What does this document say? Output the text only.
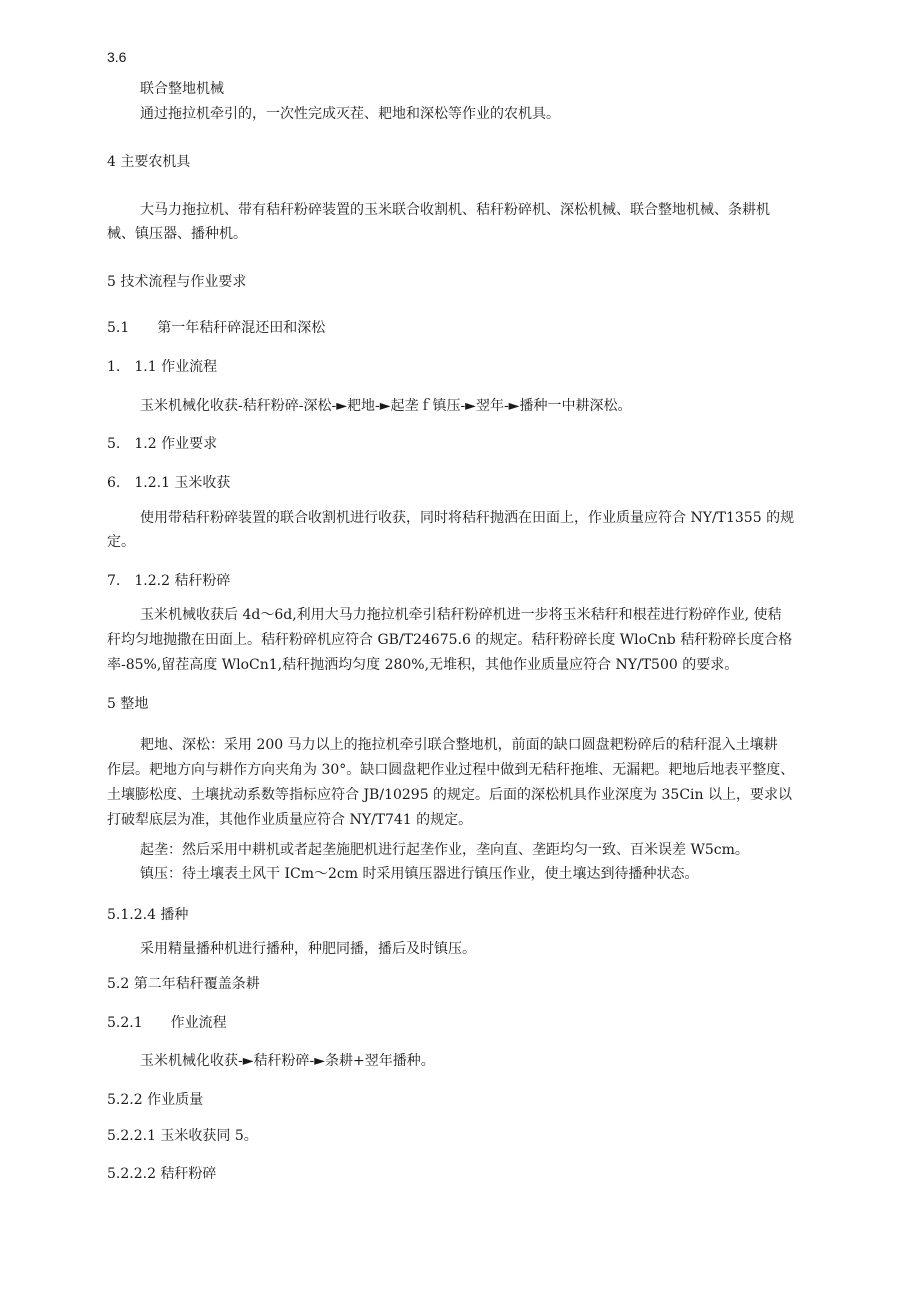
3.6
联合整地机械
通过拖拉机牵引的，一次性完成灭茬、耙地和深松等作业的农机具。
4 主要农机具
大马力拖拉机、带有秸秆粉碎装置的玉米联合收割机、秸秆粉碎机、深松机械、联合整地机械、条耕机
械、镇压器、播种机。
5 技术流程与作业要求
5.1　　第一年秸秆碎混还田和深松
1.　1.1 作业流程
玉米机械化收获-秸秆粉碎-深松-►耙地-►起垄ｆ镇压-►翌年-►播种一中耕深松。
5.　1.2 作业要求
6.　1.2.1 玉米收获
使用带秸秆粉碎装置的联合收割机进行收获，同时将秸秆抛洒在田面上，作业质量应符合 NY/T1355 的规
定。
7.　1.2.2 秸秆粉碎
玉米机械收获后 4d～6d,利用大马力拖拉机牵引秸秆粉碎机进一步将玉米秸秆和根茬进行粉碎作业, 使秸
秆均匀地抛撒在田面上。秸秆粉碎机应符合 GB/T24675.6 的规定。秸秆粉碎长度 WloCnb 秸秆粉碎长度合格
率-85%,留茬高度 WloCn1,秸秆抛洒均匀度 280%,无堆积，其他作业质量应符合 NY/T500 的要求。
5 整地
耙地、深松：采用 200 马力以上的拖拉机牵引联合整地机，前面的缺口圆盘耙粉碎后的秸秆混入土壤耕
作层。耙地方向与耕作方向夹角为 30°。缺口圆盘耙作业过程中做到无秸秆拖堆、无漏耙。耙地后地表平整度、
土壤膨松度、土壤扰动系数等指标应符合 JB/10295 的规定。后面的深松机具作业深度为 35Cin 以上，要求以
打破犁底层为准，其他作业质量应符合 NY/T741 的规定。
起垄：然后采用中耕机或者起垄施肥机进行起垄作业，垄向直、垄距均匀一致、百米误差 W5cm。
镇压：待土壤表土风干 ICm～2cm 时采用镇压器进行镇压作业，使土壤达到待播种状态。
5.1.2.4 播种
采用精量播种机进行播种，种肥同播，播后及时镇压。
5.2 第二年秸秆覆盖条耕
5.2.1　　作业流程
玉米机械化收获-►秸秆粉碎-►条耕+翌年播种。
5.2.2 作业质量
5.2.2.1 玉米收获同 5。
5.2.2.2 秸秆粉碎
